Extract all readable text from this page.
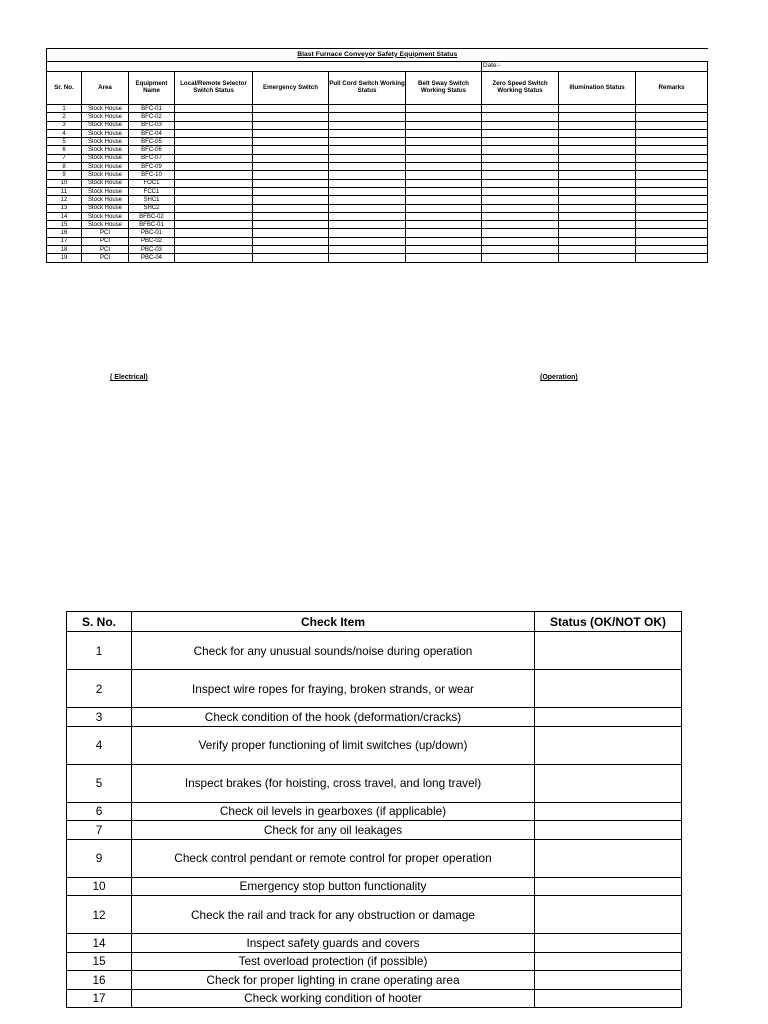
Blast Furnace Conveyor Safety Equipment Status									
							Date:-		
Sr. No.	Area	Equipment Name	Local/Remote Selector Switch Status	Emergency Switch	Pull Cord Switch Working Status	Belt Sway Switch Working Status	Zero Speed Switch Working Status	Illumination Status	Remarks
1	Stock House	BFC-01							
2	Stock House	BFC-02							
3	Stock House	BFC-03							
4	Stock House	BFC-04							
5	Stock House	BFC-05							
6	Stock House	BFC-06							
7	Stock House	BFC-07							
8	Stock House	BFC-09							
9	Stock House	BFC-10							
10	Stock House	FOC1							
11	Stock House	FCC1							
12	Stock House	SHC1							
13	Stock House	SHC2							
14	Stock House	BFBC-02							
15	Stock House	BFBC-01							
16	PCI	PBC-01							
17	PCI	PBC-02							
18	PCI	PBC-03							
19	PCI	PBC-04							
( Electrical)	(Operation)
S. No.	Check Item	Status (OK/NOT OK)
1	Check for any unusual sounds/noise during operation	
2	Inspect wire ropes for fraying, broken strands, or wear	
3	Check condition of the hook (deformation/cracks)	
4	Verify proper functioning of limit switches (up/down)	
5	Inspect brakes (for hoisting, cross travel, and long travel)	
6	Check oil levels in gearboxes (if applicable)	
7	Check for any oil leakages	
9	Check control pendant or remote control for proper operation	
10	Emergency stop button functionality	
12	Check the rail and track for any obstruction or damage	
14	Inspect safety guards and covers	
15	Test overload protection (if possible)	
16	Check for proper lighting in crane operating area	
17	Check working condition of hooter	
